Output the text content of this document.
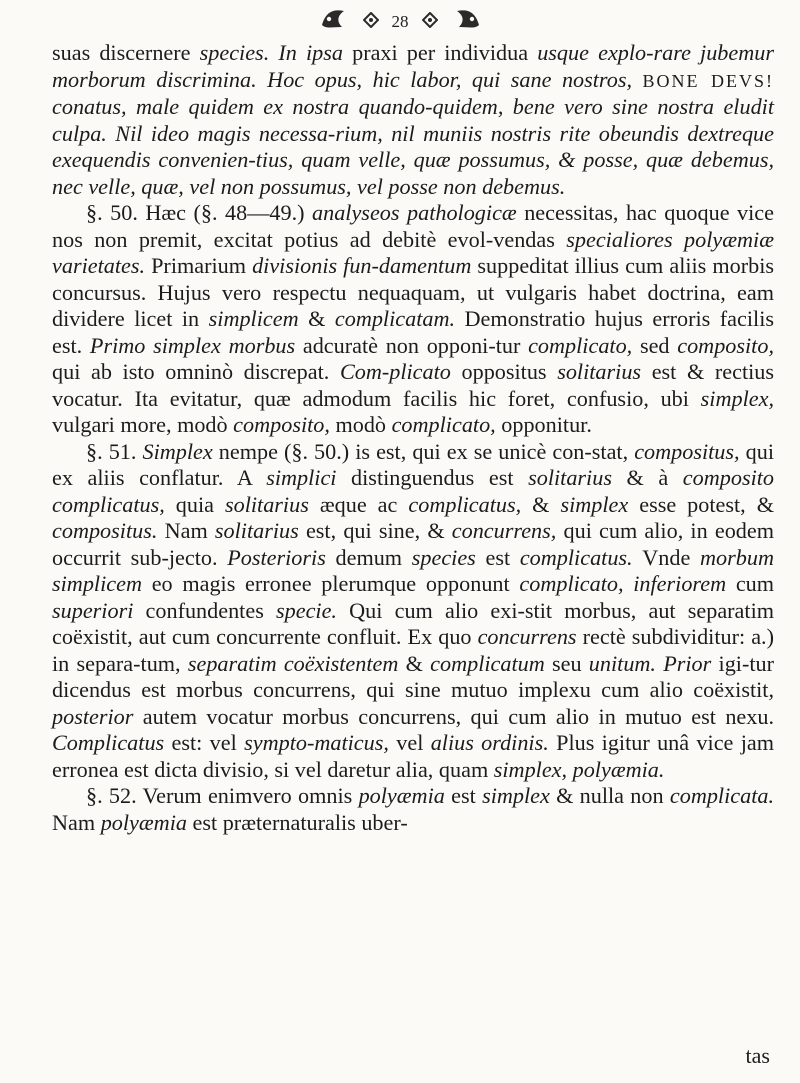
28

suas discernere species. In ipsa praxi per individua usque explo-rare jubemur morborum discrimina. Hoc opus, hic labor, qui sane nostros, BONE DEVS! conatus, male quidem ex nostra quando-quidem, bene vero sine nostra eludit culpa. Nil ideo magis necessa-rium, nil muniis nostris rite obeundis dextreque exequendis convenien-tius, quam velle, quæ possumus, & posse, quæ debemus, nec velle, quæ, vel non possumus, vel posse non debemus.

§. 50. Hæc (§. 48—49.) analyseos pathologicæ necessitas, hac quoque vice nos non premit, excitat potius ad debitè evol-vendas specialiores polyæmiæ varietates. Primarium divisionis fun-damentum suppeditat illius cum aliis morbis concursus. Hujus vero respectu nequaquam, ut vulgaris habet doctrina, eam dividere licet in simplicem & complicatam. Demonstratio hujus erroris facilis est. Primo simplex morbus adcuratè non opponi-tur complicato, sed composito, qui ab isto omninò discrepat. Com-plicato oppositus solitarius est & rectius vocatur. Ita evitatur, quæ admodum facilis hic foret, confusio, ubi simplex, vulgari more, modò composito, modò complicato, opponitur.

§. 51. Simplex nempe (§. 50.) is est, qui ex se unicè con-stat, compositus, qui ex aliis conflatur. A simplici distinguendus est solitarius & à composito complicatus, quia solitarius æque ac complicatus, & simplex esse potest, & compositus. Nam solitarius est, qui sine, & concurrens, qui cum alio, in eodem occurrit sub-jecto. Posterioris demum species est complicatus. Vnde morbum simplicem eo magis erronee plerumque opponunt complicato, inferiorem cum superiori confundentes specie. Qui cum alio exi-stit morbus, aut separatim coëxistit, aut cum concurrente confluit. Ex quo concurrens rectè subdividitur: a.) in separa-tum, separatim coëxistentem & complicatum seu unitum. Prior igi-tur dicendus est morbus concurrens, qui sine mutuo implexu cum alio coëxistit, posterior autem vocatur morbus concurrens, qui cum alio in mutuo est nexu. Complicatus est: vel sympto-maticus, vel alius ordinis. Plus igitur unâ vice jam erronea est dicta divisio, si vel daretur alia, quam simplex, polyæmia.

§. 52. Verum enimvero omnis polyæmia est simplex & nulla non complicata. Nam polyæmia est præternaturalis uber-

tas
